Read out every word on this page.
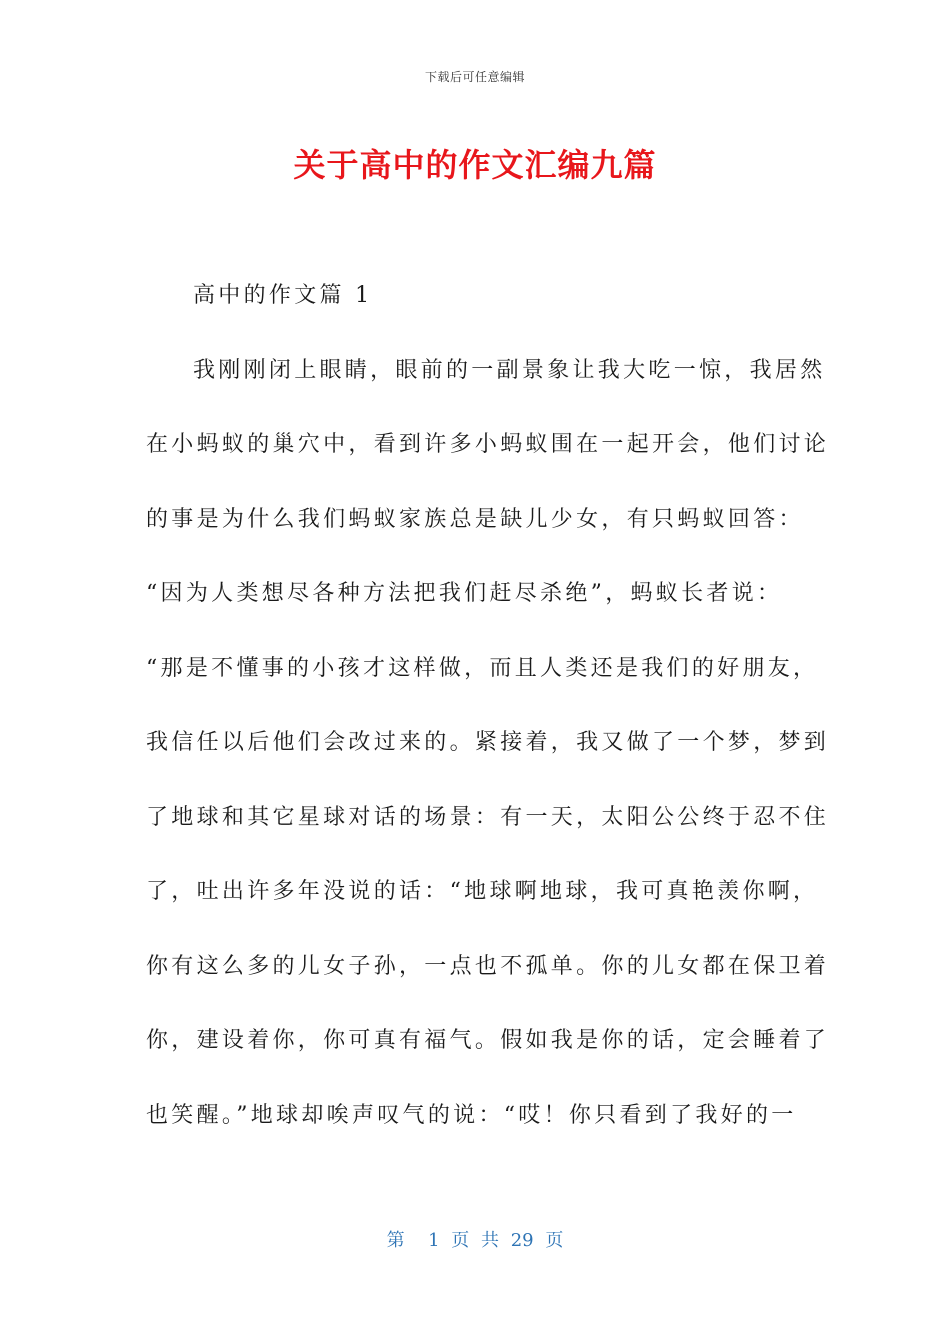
下载后可任意编辑
关于高中的作文汇编九篇
高中的作文篇 1
我刚刚闭上眼睛，眼前的一副景象让我大吃一惊，我居然
在小蚂蚁的巢穴中，看到许多小蚂蚁围在一起开会，他们讨论
的事是为什么我们蚂蚁家族总是缺儿少女，有只蚂蚁回答：
“因为人类想尽各种方法把我们赶尽杀绝”，蚂蚁长者说：
“那是不懂事的小孩才这样做，而且人类还是我们的好朋友，
我信任以后他们会改过来的。紧接着，我又做了一个梦，梦到
了地球和其它星球对话的场景：有一天，太阳公公终于忍不住
了，吐出许多年没说的话：“地球啊地球，我可真艳羡你啊，
你有这么多的儿女子孙，一点也不孤单。你的儿女都在保卫着
你，建设着你，你可真有福气。假如我是你的话，定会睡着了
也笑醒。”地球却唉声叹气的说：“哎！你只看到了我好的一
第  1 页 共 29 页
